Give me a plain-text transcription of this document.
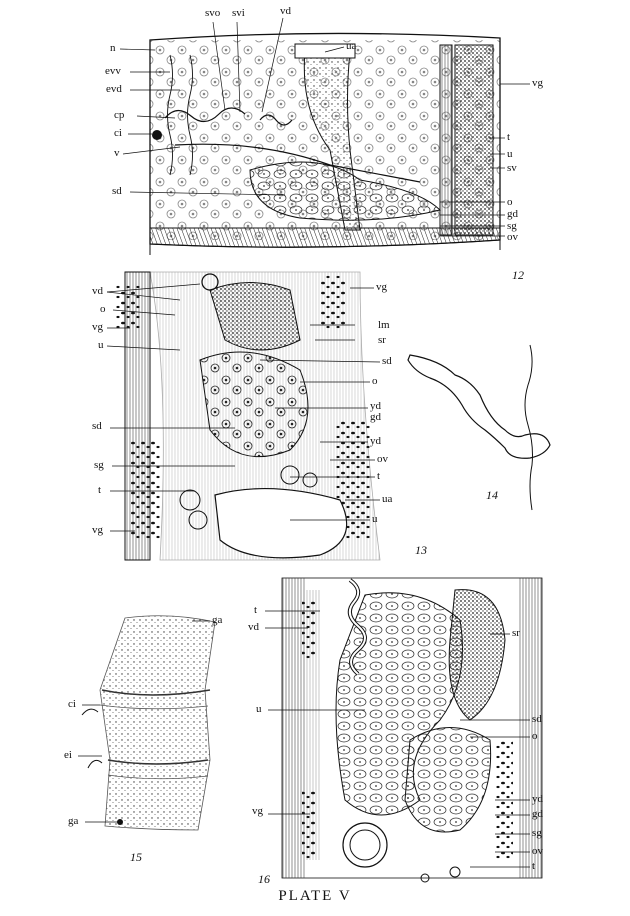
svo svi	vd
ua
n
evv
evd	vg
cp
ci
v
t
u
sv
sd
o
gd
sg
ov
12
vd	vg
o
lm
vg
sr
u
sd
o
yd
gd
sd
yd
ov
sg
t
t
ua
vg
u
13
14
ga
ci
ei
ga
15
t
vd	sr
u
sd
o
vg
yd
gd
sg
ov
t
16
PLATE V
